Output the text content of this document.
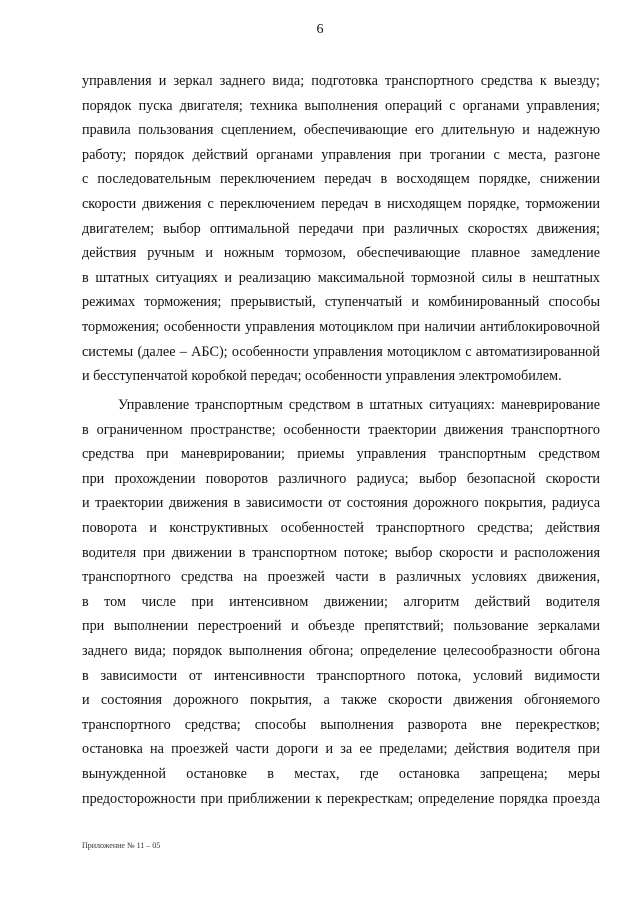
6
управления и зеркал заднего вида; подготовка транспортного средства к выезду;
порядок пуска двигателя; техника выполнения операций с органами управления;
правила пользования сцеплением, обеспечивающие его длительную и надежную
работу; порядок действий органами управления при трогании с места, разгоне
с последовательным переключением передач в восходящем порядке, снижении
скорости движения с переключением передач в нисходящем порядке, торможении
двигателем; выбор оптимальной передачи при различных скоростях движения;
действия ручным и ножным тормозом, обеспечивающие плавное замедление
в штатных ситуациях и реализацию максимальной тормозной силы в нештатных
режимах торможения; прерывистый, ступенчатый и комбинированный способы
торможения; особенности управления мотоциклом при наличии антиблокировочной
системы (далее – АБС); особенности управления мотоциклом с автоматизированной
и бесступенчатой коробкой передач; особенности управления электромобилем.
Управление транспортным средством в штатных ситуациях: маневрирование
в ограниченном пространстве; особенности траектории движения транспортного
средства при маневрировании; приемы управления транспортным средством
при прохождении поворотов различного радиуса; выбор безопасной скорости
и траектории движения в зависимости от состояния дорожного покрытия, радиуса
поворота и конструктивных особенностей транспортного средства; действия
водителя при движении в транспортном потоке; выбор скорости и расположения
транспортного средства на проезжей части в различных условиях движения,
в том числе при интенсивном движении; алгоритм действий водителя
при выполнении перестроений и объезде препятствий; пользование зеркалами
заднего вида; порядок выполнения обгона; определение целесообразности обгона
в зависимости от интенсивности транспортного потока, условий видимости
и состояния дорожного покрытия, а также скорости движения обгоняемого
транспортного средства; способы выполнения разворота вне перекрестков;
остановка на проезжей части дороги и за ее пределами; действия водителя при
вынужденной остановке в местах, где остановка запрещена; меры
предосторожности при приближении к перекресткам; определение порядка проезда
Приложение № 11 – 05
